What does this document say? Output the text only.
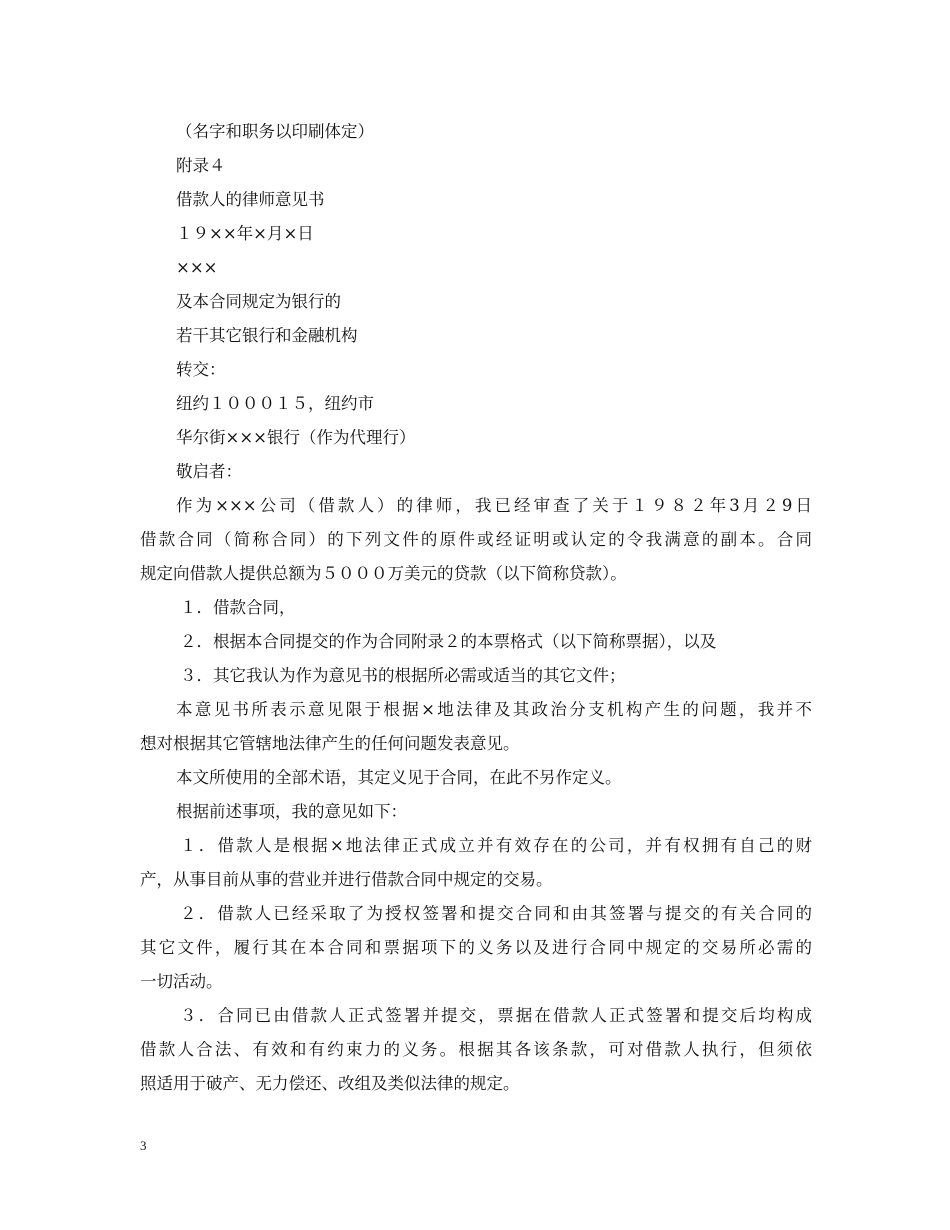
（名字和职务以印刷体定）
附录４
借款人的律师意见书
１９××年×月×日
×××
及本合同规定为银行的
若干其它银行和金融机构
转交：
纽约１０００１５，纽约市
华尔街×××银行（作为代理行）
敬启者：
作为×××公司（借款人）的律师，我已经审查了关于１９８２年3月２9日
借款合同（简称合同）的下列文件的原件或经证明或认定的令我满意的副本。合同
规定向借款人提供总额为５０００万美元的贷款（以下简称贷款）。
１．借款合同，
２．根据本合同提交的作为合同附录２的本票格式（以下简称票据），以及
３．其它我认为作为意见书的根据所必需或适当的其它文件；
本意见书所表示意见限于根据×地法律及其政治分支机构产生的问题，我并不
想对根据其它管辖地法律产生的任何问题发表意见。
本文所使用的全部术语，其定义见于合同，在此不另作定义。
根据前述事项，我的意见如下：
１．借款人是根据×地法律正式成立并有效存在的公司，并有权拥有自己的财
产，从事目前从事的营业并进行借款合同中规定的交易。
２．借款人已经采取了为授权签署和提交合同和由其签署与提交的有关合同的
其它文件，履行其在本合同和票据项下的义务以及进行合同中规定的交易所必需的
一切活动。
３．合同已由借款人正式签署并提交，票据在借款人正式签署和提交后均构成
借款人合法、有效和有约束力的义务。根据其各该条款，可对借款人执行，但须依
照适用于破产、无力偿还、改组及类似法律的规定。
3
